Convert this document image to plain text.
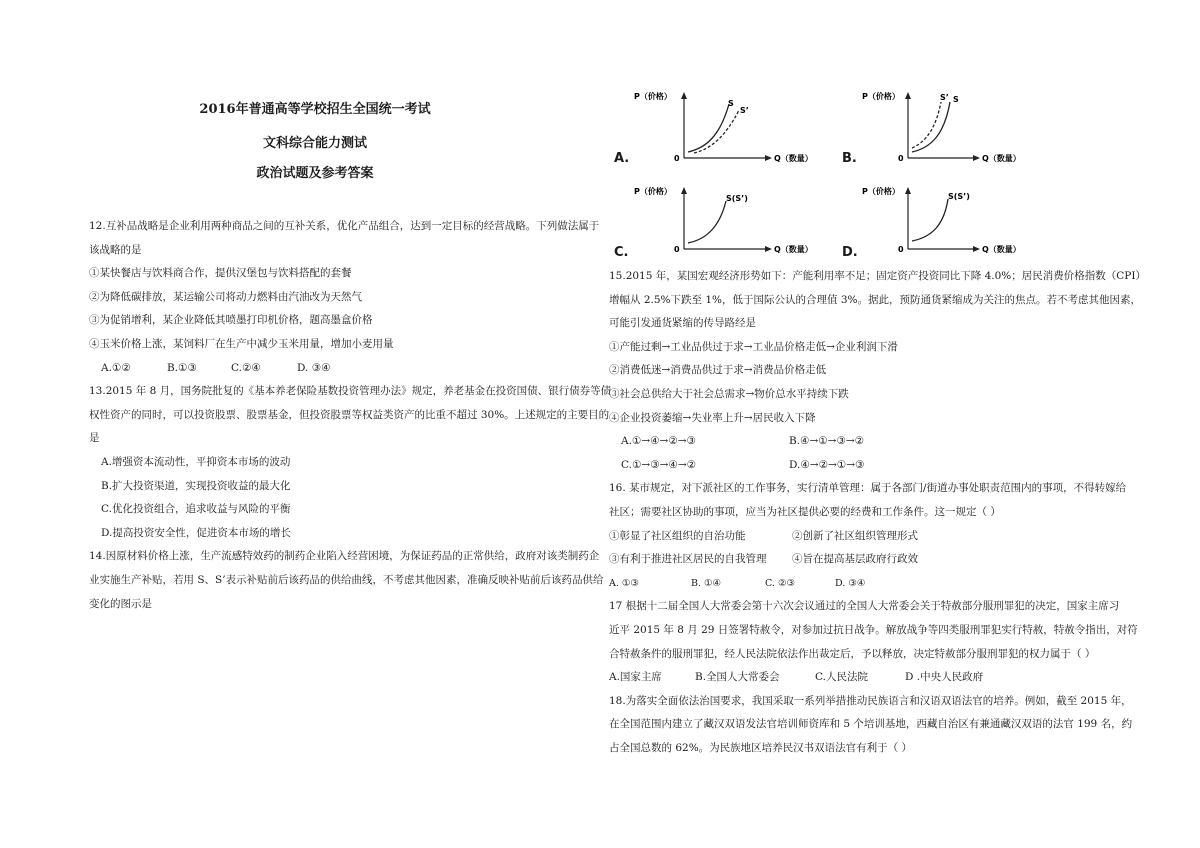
2016年普通高等学校招生全国统一考试
文科综合能力测试
政治试题及参考答案
12.互补品战略是企业利用两种商品之间的互补关系，优化产品组合，达到一定目标的经营战略。下列做法属于
该战略的是
①某快餐店与饮料商合作，提供汉堡包与饮料搭配的套餐
②为降低碳排放，某运输公司将动力燃料由汽油改为天然气
③为促销增利，某企业降低其喷墨打印机价格，题高墨盒价格
④玉米价格上涨，某饲料厂在生产中减少玉米用量，增加小麦用量
A.①②	B.①③	C.②④	D. ③④
13.2015 年 8 月，国务院批复的《基本养老保险基数投资管理办法》规定，养老基金在投资国债、银行债券等债
权性资产的同时，可以投资股票、股票基金，但投资股票等权益类资产的比重不超过 30%。上述规定的主要目的
是
A.增强资本流动性，平抑资本市场的波动
B.扩大投资渠道，实现投资收益的最大化
C.优化投资组合，追求收益与风险的平衡
D.提高投资安全性，促进资本市场的增长
14.因原材料价格上涨，生产流感特效药的制药企业陷入经营困境，为保证药品的正常供给，政府对该类制药企
业实施生产补贴，若用 S、S’表示补贴前后该药品的供给曲线，不考虑其他因素，准确反映补贴前后该药品供给
变化的图示是
P（价格）
0	Q（数量）
S
S’
A.
P（价格）
0	Q（数量）
S’ S
B.
P（价格）
0	Q（数量）
S(S’)
C.
P（价格）
0	Q（数量）
S(S’)
D.
15.2015 年，某国宏观经济形势如下：产能利用率不足；固定资产投资同比下降 4.0%；居民消费价格指数（CPI）
增幅从 2.5%下跌至 1%，低于国际公认的合理值 3%。据此，预防通货紧缩成为关注的焦点。若不考虑其他因素，
可能引发通货紧缩的传导路经是
①产能过剩→工业品供过于求→工业品价格走低→企业利润下滑
②消费低迷→消费品供过于求→消费品价格走低
③社会总供给大于社会总需求→物价总水平持续下跌
④企业投资萎缩→失业率上升→居民收入下降
A.①→④→②→③	B.④→①→③→②
C.①→③→④→②	D.④→②→①→③
16. 某市规定，对下派社区的工作事务，实行清单管理：属于各部门/街道办事处职责范围内的事项，不得转嫁给
社区；需要社区协助的事项，应当为社区提供必要的经费和工作条件。这一规定（ ）
①彰显了社区组织的自治功能	②创新了社区组织管理形式
③有利于推进社区居民的自我管理 ④旨在提高基层政府行政效
A. ①③	B. ①④	C. ②③	D. ③④
17 根据十二届全国人大常委会第十六次会议通过的全国人大常委会关于特赦部分服刑罪犯的决定，国家主席习
近平 2015 年 8 月 29 日签署特赦令，对参加过抗日战争。解放战争等四类服刑罪犯实行特赦，特赦令指出，对符
合特赦条件的服刑罪犯，经人民法院依法作出裁定后，予以释放，决定特赦部分服刑罪犯的权力属于（ ）
A.国家主席	B.全国人大常委会	C.人民法院	D .中央人民政府
18.为落实全面依法治国要求，我国采取一系列举措推动民族语言和汉语双语法官的培养。例如，截至 2015 年，
在全国范围内建立了藏汉双语发法官培训师资库和 5 个培训基地，西藏自治区有兼通藏汉双语的法官 199 名，约
占全国总数的 62%。为民族地区培养民汉书双语法官有利于（ ）
